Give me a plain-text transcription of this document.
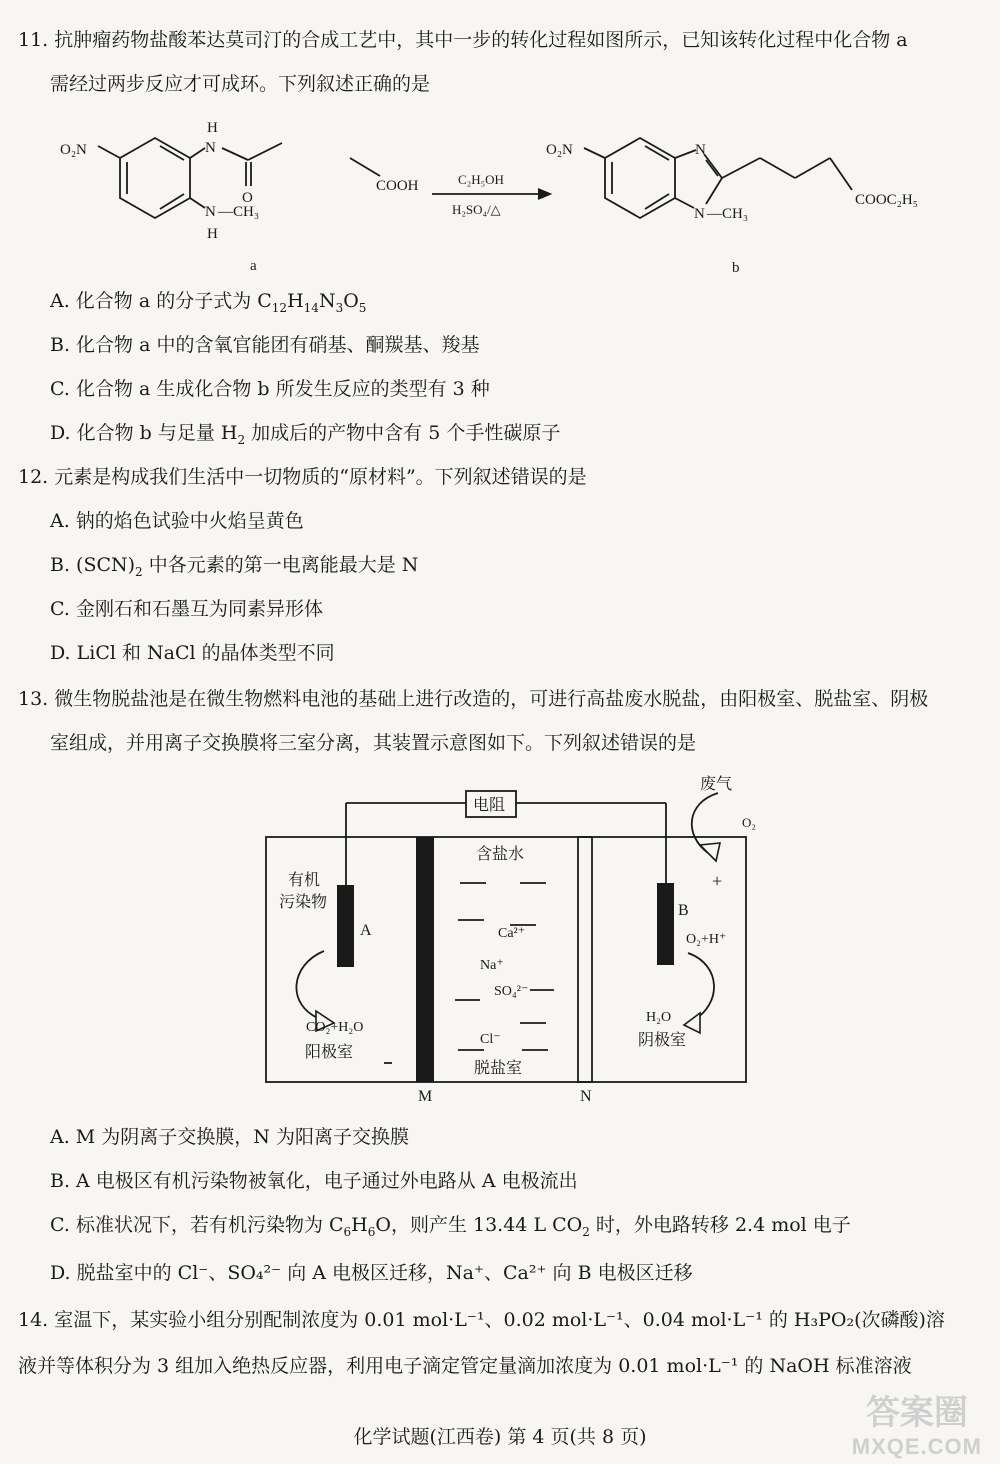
11. 抗肿瘤药物盐酸苯达莫司汀的合成工艺中，其中一步的转化过程如图所示，已知该转化过程中化合物 a
需经过两步反应才可成环。下列叙述正确的是
O₂N	N
H
O
N —CH₃
H
a
COOH	C₂H₅OH
H₂SO₄/△
O₂N	N
N —CH₃
COOC₂H₅
b
A. 化合物 a 的分子式为 $C_{12}H_{14}N_3O_5$
B. 化合物 a 中的含氧官能团有硝基、酮羰基、羧基
C. 化合物 a 生成化合物 b 所发生反应的类型有 3 种
D. 化合物 b 与足量 $H_2$ 加成后的产物中含有 5 个手性碳原子
12. 元素是构成我们生活中一切物质的“原材料”。下列叙述错误的是
A. 钠的焰色试验中火焰呈黄色
B. $(SCN)_2$ 中各元素的第一电离能最大是 N
C. 金刚石和石墨互为同素异形体
D. LiCl 和 NaCl 的晶体类型不同
13. 微生物脱盐池是在微生物燃料电池的基础上进行改造的，可进行高盐废水脱盐，由阳极室、脱盐室、阴极
室组成，并用离子交换膜将三室分离，其装置示意图如下。下列叙述错误的是
电阻
废气
O₂
含盐水
有机
污染物
A
B
+
Ca²⁺
Na⁺
SO₄²⁻
Cl⁻
O₂+H⁺
H₂O
CO₂+H₂O
阳极室
阴极室
脱盐室
M	N
A. M 为阴离子交换膜，N 为阳离子交换膜
B. A 电极区有机污染物被氧化，电子通过外电路从 A 电极流出
C. 标准状况下，若有机污染物为 $C_6H_6O$，则产生 13.44 L $CO_2$ 时，外电路转移 2.4 mol 电子
D. 脱盐室中的 Cl⁻、SO₄²⁻ 向 A 电极区迁移，Na⁺、Ca²⁺ 向 B 电极区迁移
14. 室温下，某实验小组分别配制浓度为 0.01 mol·L⁻¹、0.02 mol·L⁻¹、0.04 mol·L⁻¹ 的 H₃PO₂(次磷酸)溶
液并等体积分为 3 组加入绝热反应器，利用电子滴定管定量滴加浓度为 0.01 mol·L⁻¹ 的 NaOH 标准溶液
化学试题(江西卷) 第 4 页(共 8 页)
答案圈
MXQE.COM
